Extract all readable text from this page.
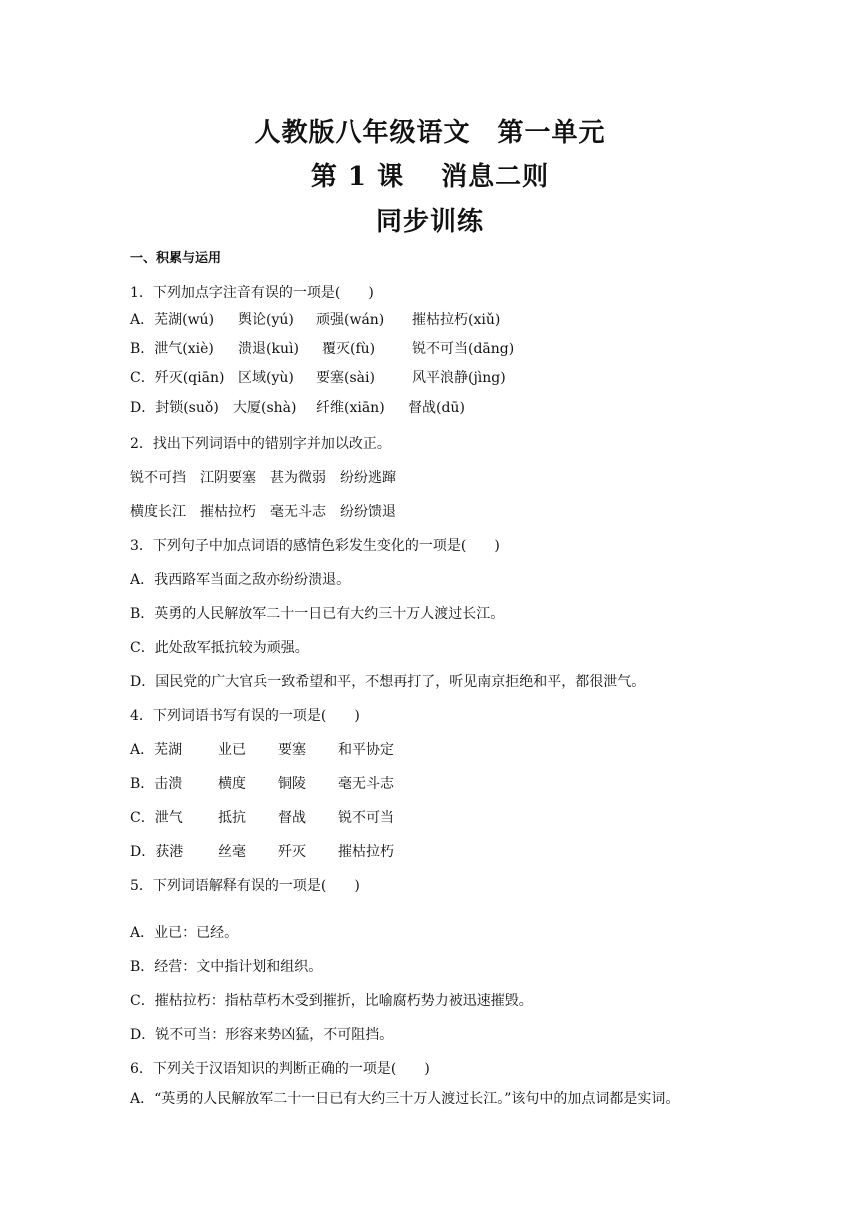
人教版八年级语文　第一单元
第 1 课　 消息二则
同步训练
一、积累与运用
1．下列加点字注音有误的一项是(　　)
A．芜湖(wú) 舆论(yú) 顽强(wán) 摧枯拉朽(xiǔ)
B．泄气(xiè) 溃退(kuì) 覆灭(fù)	锐不可当(dāng)
C．歼灭(qiān) 区域(yù) 要塞(sài)	风平浪静(jìng)
D．封锁(suǒ) 大厦(shà) 纤维(xiān) 督战(dū)
2．找出下列词语中的错别字并加以改正。
锐不可挡　江阴要塞　甚为微弱　纷纷逃蹿
横度长江　摧枯拉朽　毫无斗志　纷纷馈退
3．下列句子中加点词语的感情色彩发生变化的一项是(　　)
A．我西路军当面之敌亦纷纷溃退。
B．英勇的人民解放军二十一日已有大约三十万人渡过长江。
C．此处敌军抵抗较为顽强。
D．国民党的广大官兵一致希望和平，不想再打了，听见南京拒绝和平，都很泄气。
4．下列词语书写有误的一项是(　　)
A．芜湖	业已 要塞 和平协定
B．击溃	横度 铜陵 毫无斗志
C．泄气	抵抗 督战 锐不可当
D．获港 丝毫 歼灭 摧枯拉朽
5．下列词语解释有误的一项是(　　)
A．业已：已经。
B．经营：文中指计划和组织。
C．摧枯拉朽：指枯草朽木受到摧折，比喻腐朽势力被迅速摧毁。
D．锐不可当：形容来势凶猛，不可阻挡。
6．下列关于汉语知识的判断正确的一项是(　　)
A．“英勇的人民解放军二十一日已有大约三十万人渡过长江。”该句中的加点词都是实词。
